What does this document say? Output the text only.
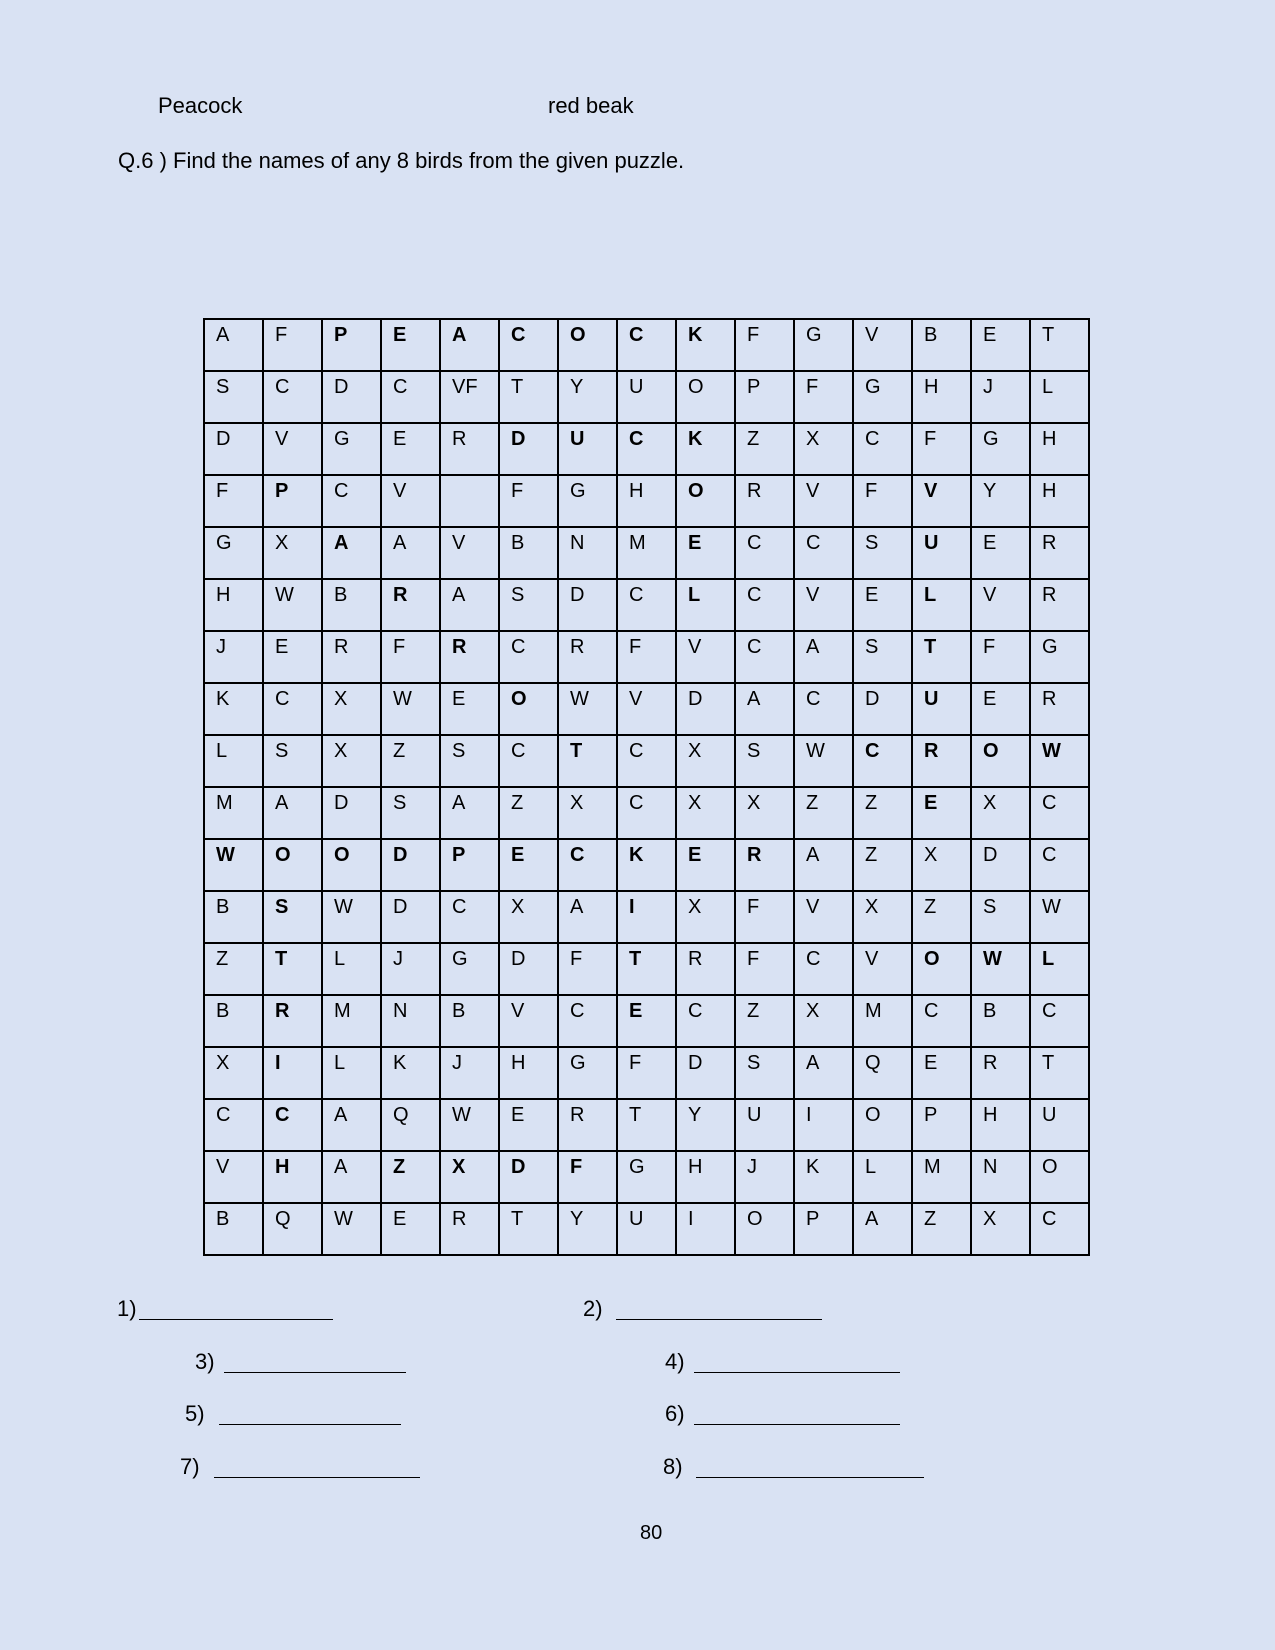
Peacock	red beak
Q.6 ) Find the names of any 8 birds from the given puzzle.
A	F	P	E	A	C	O	C	K	F	G	V	B	E	T
S	C	D	C	VF	T	Y	U	O	P	F	G	H	J	L
D	V	G	E	R	D	U	C	K	Z	X	C	F	G	H
F	P	C	V		F	G	H	O	R	V	F	V	Y	H
G	X	A	A	V	B	N	M	E	C	C	S	U	E	R
H	W	B	R	A	S	D	C	L	C	V	E	L	V	R
J	E	R	F	R	C	R	F	V	C	A	S	T	F	G
K	C	X	W	E	O	W	V	D	A	C	D	U	E	R
L	S	X	Z	S	C	T	C	X	S	W	C	R	O	W
M	A	D	S	A	Z	X	C	X	X	Z	Z	E	X	C
W	O	O	D	P	E	C	K	E	R	A	Z	X	D	C
B	S	W	D	C	X	A	I	X	F	V	X	Z	S	W
Z	T	L	J	G	D	F	T	R	F	C	V	O	W	L
B	R	M	N	B	V	C	E	C	Z	X	M	C	B	C
X	I	L	K	J	H	G	F	D	S	A	Q	E	R	T
C	C	A	Q	W	E	R	T	Y	U	I	O	P	H	U
V	H	A	Z	X	D	F	G	H	J	K	L	M	N	O
B	Q	W	E	R	T	Y	U	I	O	P	A	Z	X	C
1)	2)
3)	4)
5)	6)
7)	8)
80
